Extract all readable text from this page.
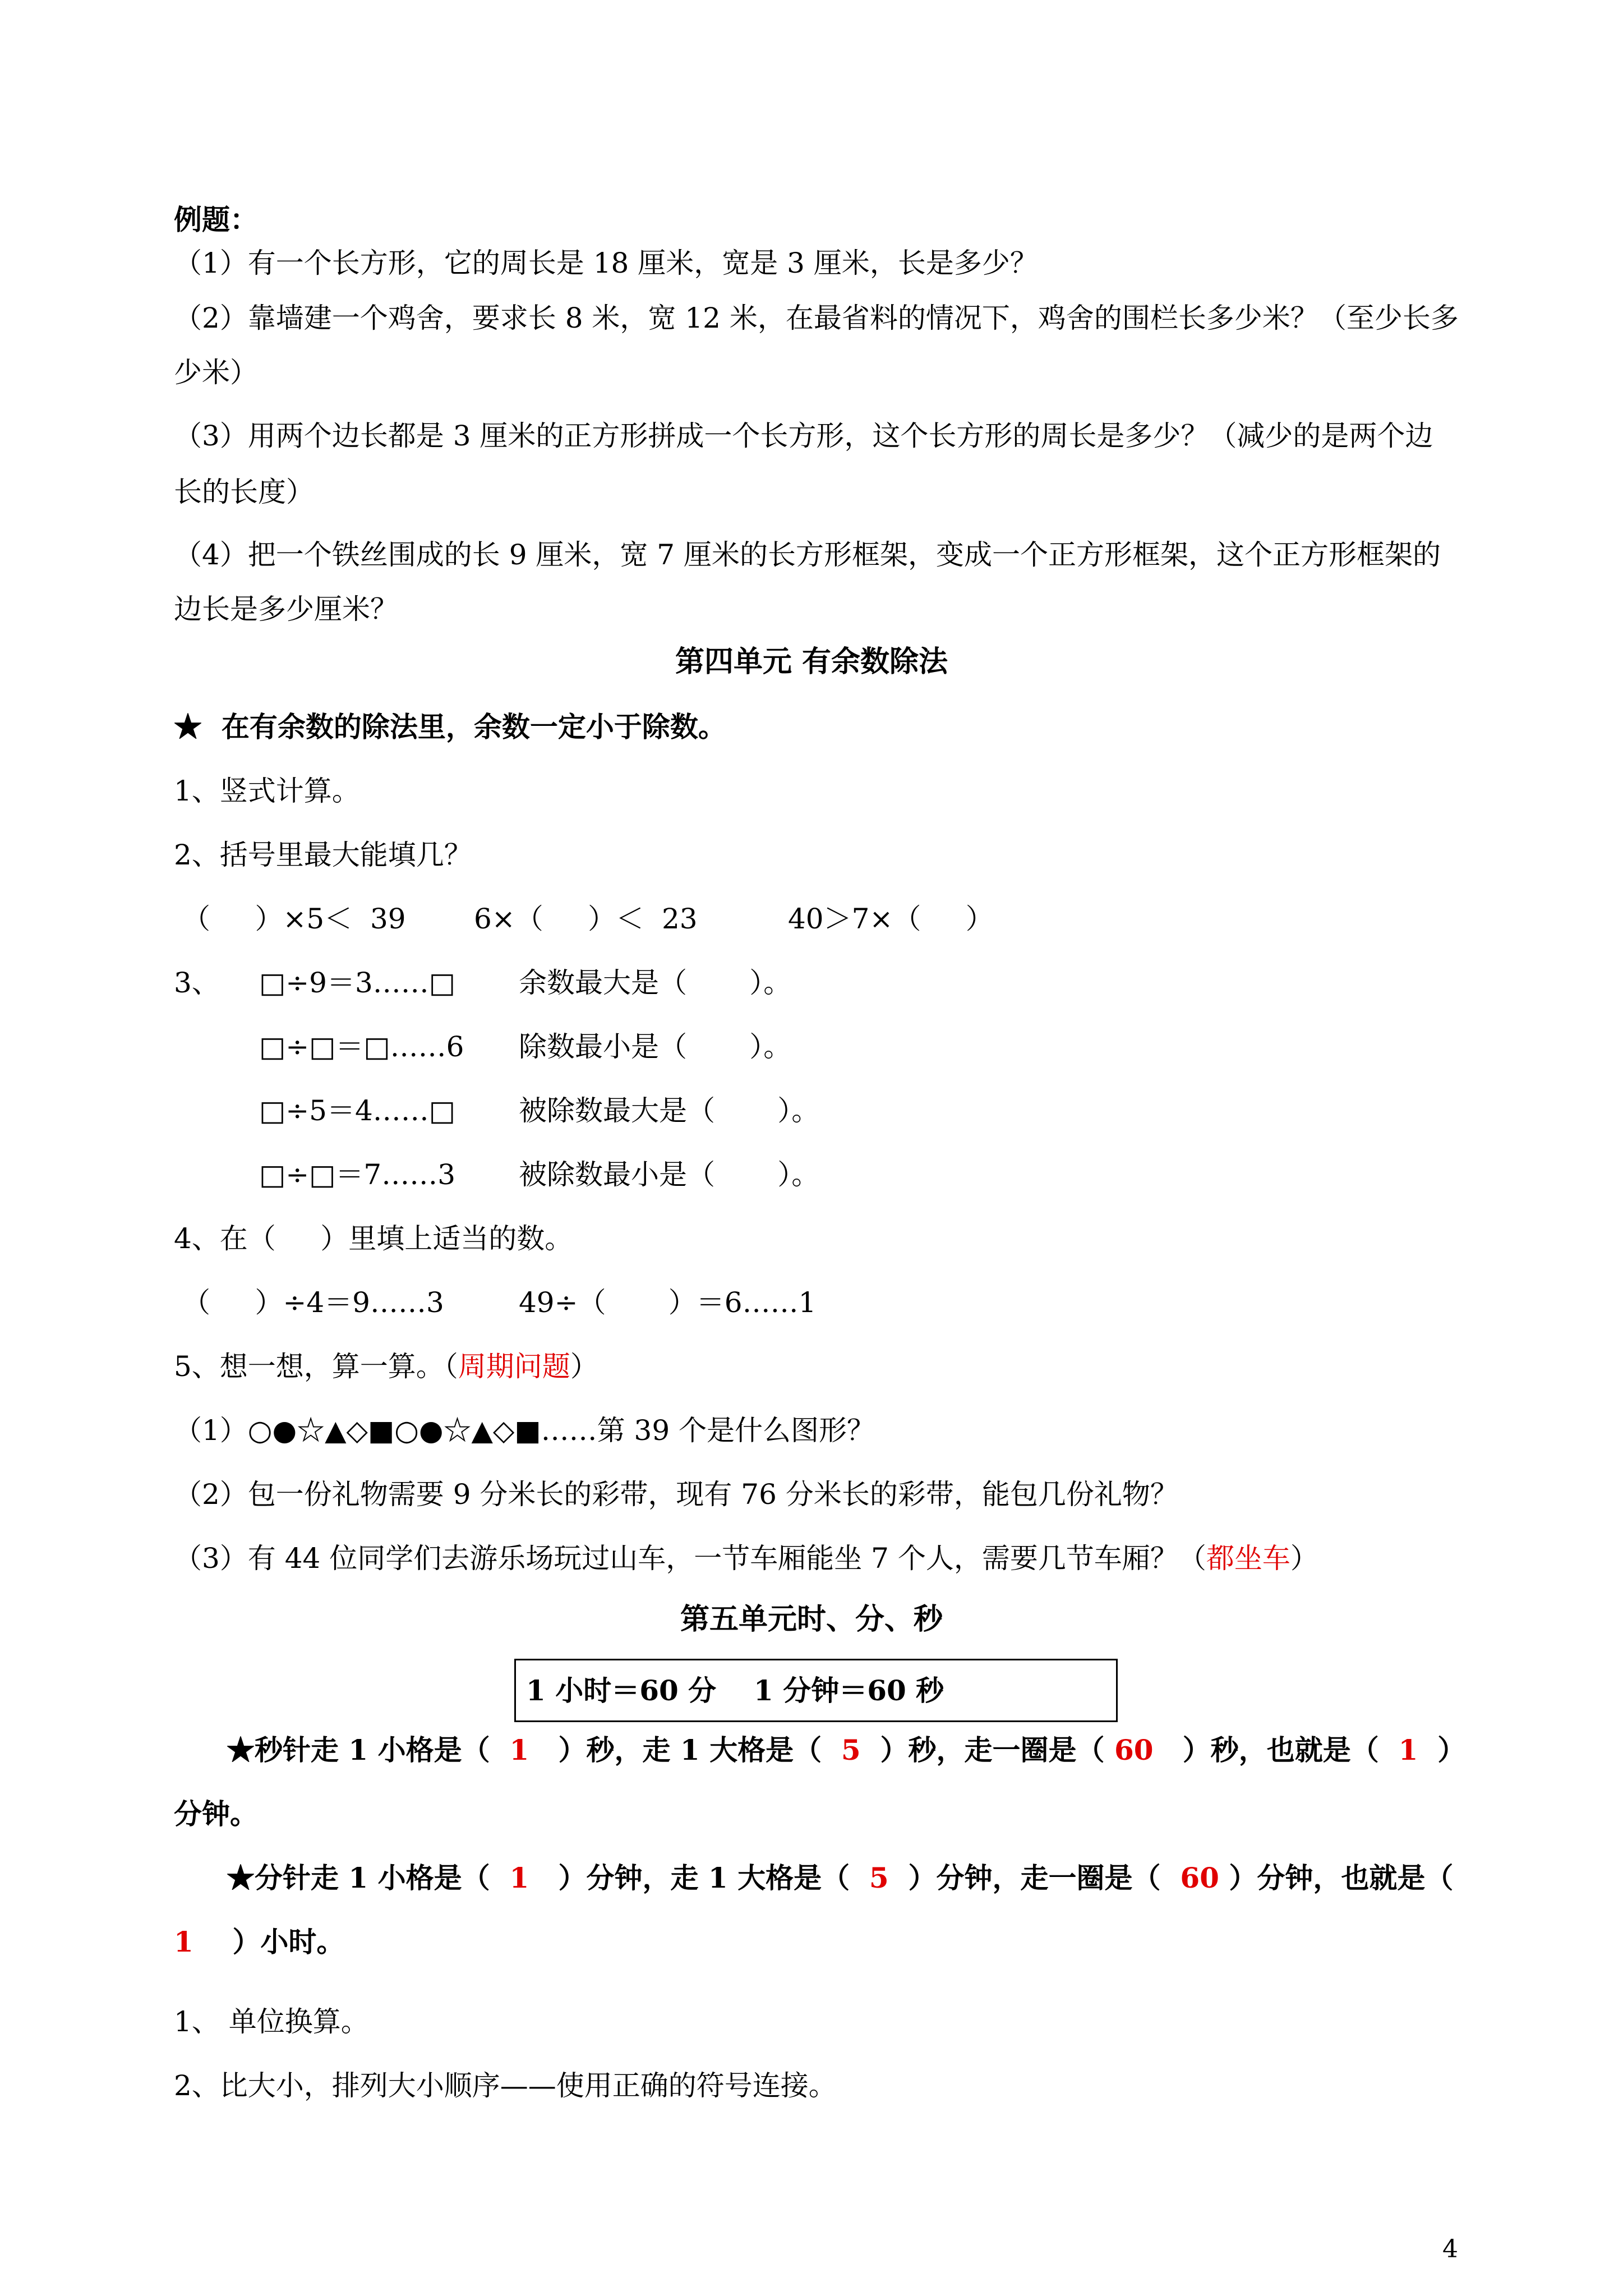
例题：
（1）有一个长方形，它的周长是 18 厘米，宽是 3 厘米，长是多少？
（2）靠墙建一个鸡舍，要求长 8 米，宽 12 米，在最省料的情况下，鸡舍的围栏长多少米？（至少长多
少米）
（3）用两个边长都是 3 厘米的正方形拼成一个长方形，这个长方形的周长是多少？（减少的是两个边
长的长度）
（4）把一个铁丝围成的长 9 厘米，宽 7 厘米的长方形框架，变成一个正方形框架，这个正方形框架的
边长是多少厘米？
第四单元 有余数除法
★  在有余数的除法里，余数一定小于除数。
1、竖式计算。
2、括号里最大能填几？
（     ）×5＜  39 6×（     ）＜  23	40＞7×（     ）
3、 □÷9＝3……□ 余数最大是（       ）。
□÷□＝□……6 除数最小是（       ）。
□÷5＝4……□ 被除数最大是（       ）。
□÷□＝7……3 被除数最小是（       ）。
4、在（     ）里填上适当的数。
（     ）÷4＝9……3	49÷（       ）＝6……1
5、想一想，算一算。（周期问题）
（1）○●☆▲◇■○●☆▲◇■……第 39 个是什么图形？
（2）包一份礼物需要 9 分米长的彩带，现有 76 分米长的彩带，能包几份礼物？
（3）有 44 位同学们去游乐场玩过山车，一节车厢能坐 7 个人，需要几节车厢？（都坐车）
第五单元时、分、秒
1 小时＝60 分 1 分钟＝60 秒
★秒针走 1 小格是（ 1 ）秒，走 1 大格是（ 5 ）秒，走一圈是（ 60 ）秒，也就是（ 1 ）
分钟。
★分针走 1 小格是（ 1 ）分钟，走 1 大格是（ 5 ）分钟，走一圈是（ 60 ）分钟，也就是（
1 ）小时。
1、 单位换算。
2、比大小，排列大小顺序——使用正确的符号连接。
4
